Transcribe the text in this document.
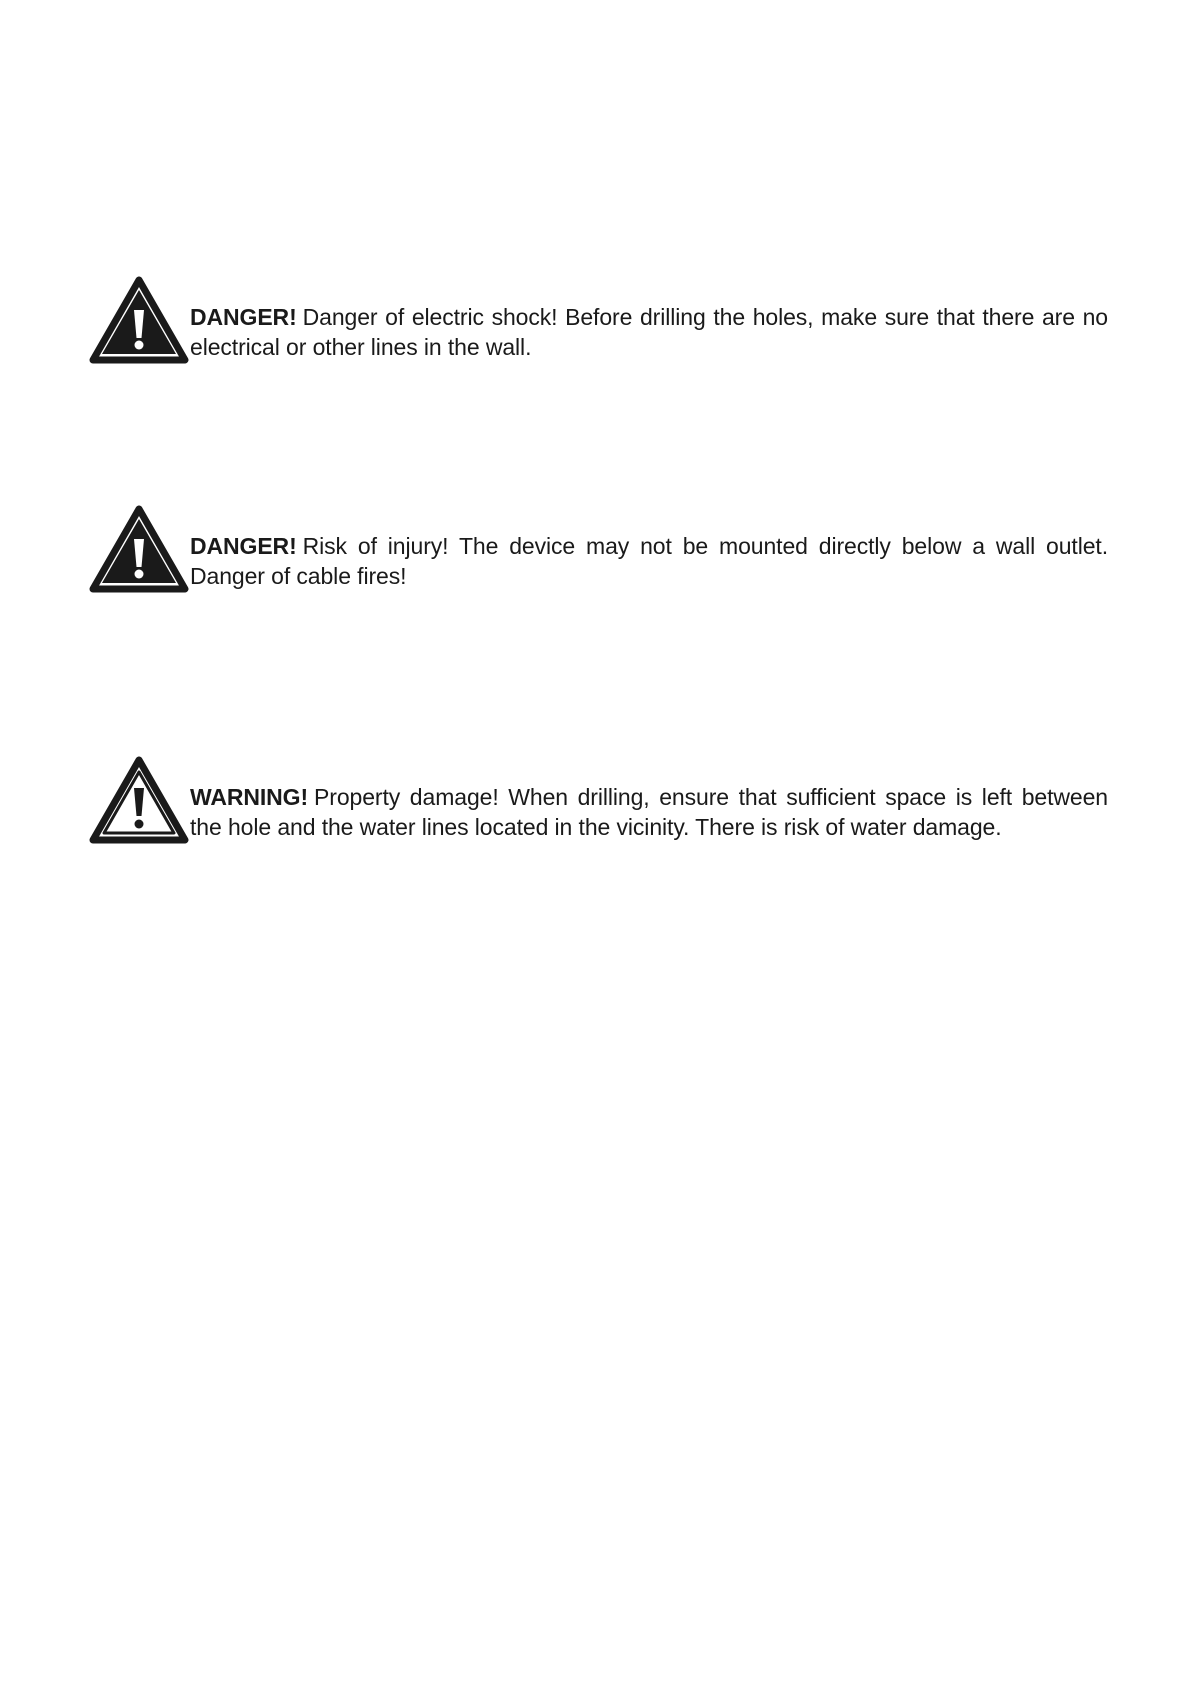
DANGER! Danger of electric shock! Before drilling the holes, make sure that there are no electrical or other lines in the wall.

DANGER! Risk of injury! The device may not be mounted directly below a wall outlet. Danger of cable fires!

WARNING! Property damage! When drilling, ensure that sufficient space is left between the hole and the water lines located in the vicinity. There is risk of water damage.
